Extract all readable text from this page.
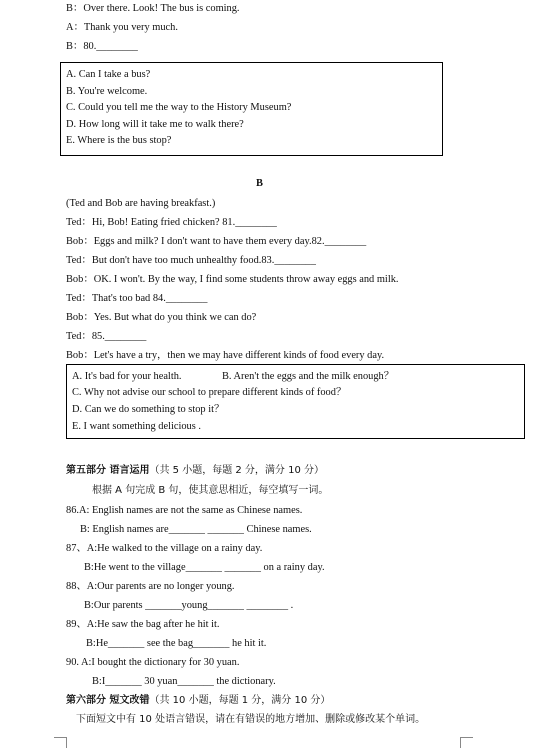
B：Over there. Look! The bus is coming.
A：Thank you very much.
B：80.________
A. Can I take a bus?
B. You're welcome.
C. Could you tell me the way to the History Museum?
D. How long will it take me to walk there?
E. Where is the bus stop?
B
(Ted and Bob are having breakfast.)
Ted：Hi, Bob! Eating fried chicken? 81.________
Bob：Eggs and milk? I don't want to have them every day.82.________
Ted：But don't have too much unhealthy food.83.________
Bob：OK. I won't. By the way, I find some students throw away eggs and milk.
Ted：That's too bad 84.________
Bob：Yes. But what do you think we can do?
Ted：85.________
Bob：Let's have a try，then we may have different kinds of food every day.
A. It's bad for your health.	B. Aren't the eggs and the milk enough？
C. Why not advise our school to prepare different kinds of food？
D. Can we do something to stop it？
E. I want something delicious .
第五部分 语言运用（共 5 小题，每题 2 分，满分 10 分）
根据 A 句完成 B 句，使其意思相近，每空填写一词。
86.A: English names are not the same as Chinese names.
B: English names are_______ _______ Chinese names.
87、A:He walked to the village on a rainy day.
B:He went to the village_______ _______ on a rainy day.
88、A:Our parents are no longer young.
B:Our parents _______young_______ ________ .
89、A:He saw the bag after he hit it.
B:He_______ see the bag_______ he hit it.
90. A:I bought the dictionary for 30 yuan.
B:I_______ 30 yuan_______ the dictionary.
第六部分 短文改错（共 10 小题，每题 1 分，满分 10 分）
下面短文中有 10 处语言错误，请在有错误的地方增加、删除或修改某个单词。
